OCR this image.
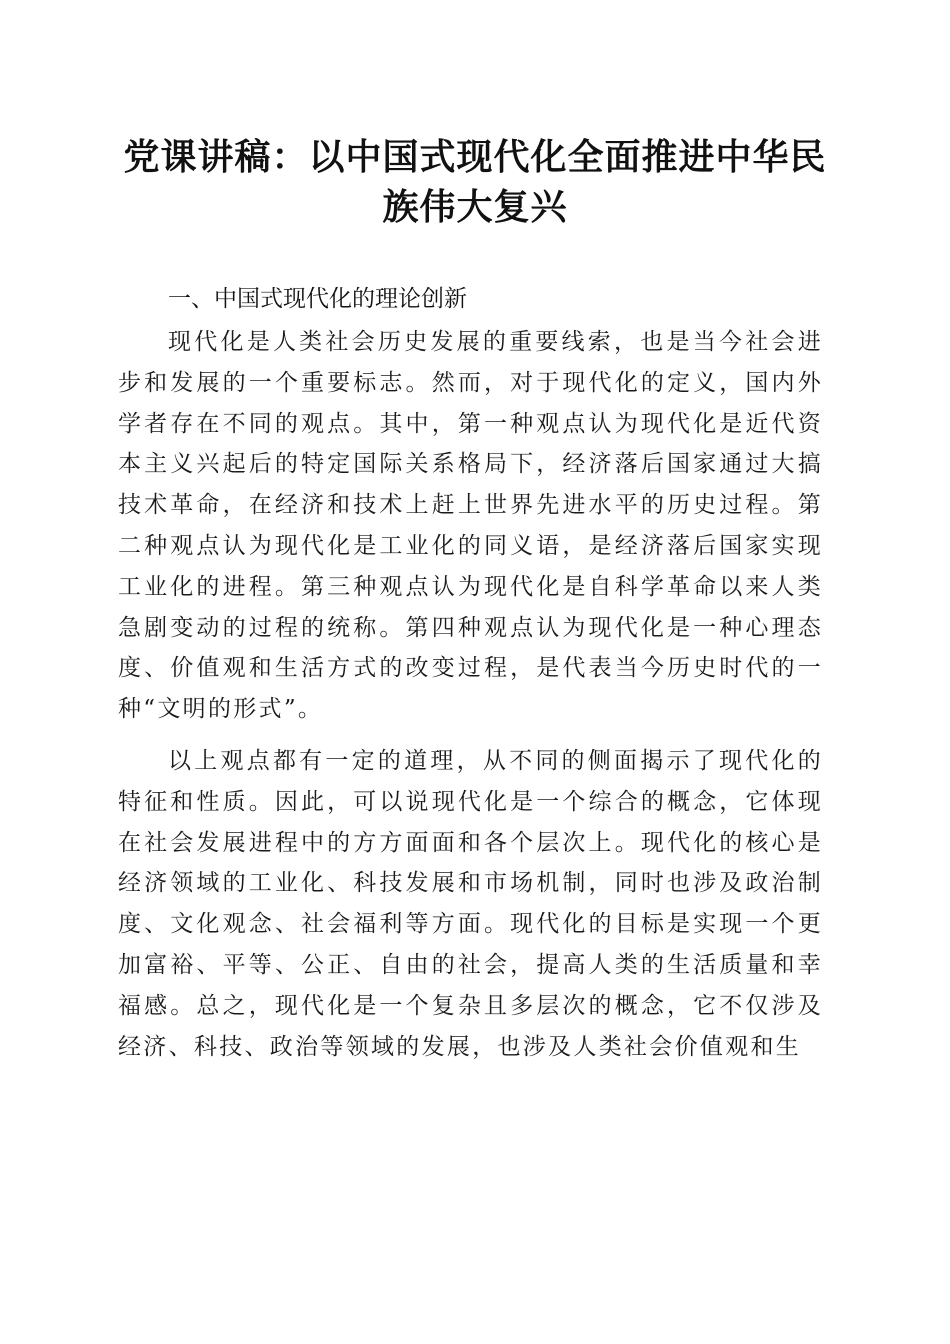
党课讲稿：以中国式现代化全面推进中华民族伟大复兴
一、中国式现代化的理论创新

现代化是人类社会历史发展的重要线索，也是当今社会进步和发展的一个重要标志。然而，对于现代化的定义，国内外学者存在不同的观点。其中，第一种观点认为现代化是近代资本主义兴起后的特定国际关系格局下，经济落后国家通过大搞技术革命，在经济和技术上赶上世界先进水平的历史过程。第二种观点认为现代化是工业化的同义语，是经济落后国家实现工业化的进程。第三种观点认为现代化是自科学革命以来人类急剧变动的过程的统称。第四种观点认为现代化是一种心理态度、价值观和生活方式的改变过程，是代表当今历史时代的一种“文明的形式”。

以上观点都有一定的道理，从不同的侧面揭示了现代化的特征和性质。因此，可以说现代化是一个综合的概念，它体现在社会发展进程中的方方面面和各个层次上。现代化的核心是经济领域的工业化、科技发展和市场机制，同时也涉及政治制度、文化观念、社会福利等方面。现代化的目标是实现一个更加富裕、平等、公正、自由的社会，提高人类的生活质量和幸福感。总之，现代化是一个复杂且多层次的概念，它不仅涉及经济、科技、政治等领域的发展，也涉及人类社会价值观和生
